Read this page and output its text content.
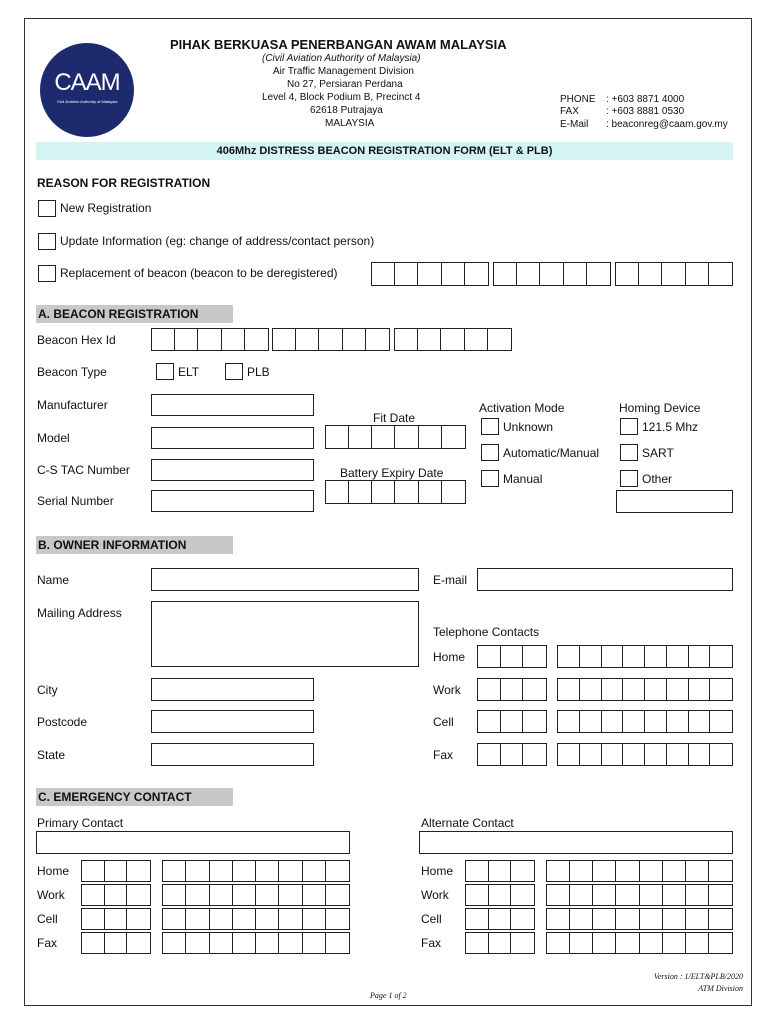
CAAM
Civil Aviation Authority of Malaysia
PIHAK BERKUASA PENERBANGAN AWAM MALAYSIA
(Civil Aviation Authority of Malaysia)
Air Traffic Management Division
No 27, Persiaran Perdana
Level 4, Block Podium B, Precinct 4
62618 Putrajaya
MALAYSIA
PHONE : +603 8871 4000
FAX	: +603 8881 0530
E-Mail : beaconreg@caam.gov.my
406Mhz DISTRESS BEACON REGISTRATION FORM (ELT & PLB)
REASON FOR REGISTRATION
New Registration
Update Information (eg: change of address/contact person)
Replacement of beacon (beacon to be deregistered)
A. BEACON REGISTRATION
Beacon Hex Id
Beacon Type	ELT	PLB
Manufacturer
Model
C-S TAC Number
Serial Number
Fit Date
Battery Expiry Date
Activation Mode
Unknown
Automatic/Manual
Manual
Homing Device
121.5 Mhz
SART
Other
B. OWNER INFORMATION
Name	E-mail
Mailing Address
Telephone Contacts
City
Postcode
State
Home
Work
Cell
Fax
C. EMERGENCY CONTACT
Primary Contact	Alternate Contact
Home
Work
Cell
Fax
Home
Work
Cell
Fax
Version : 1/ELT&PLB/2020
ATM Division
Page 1 of 2
